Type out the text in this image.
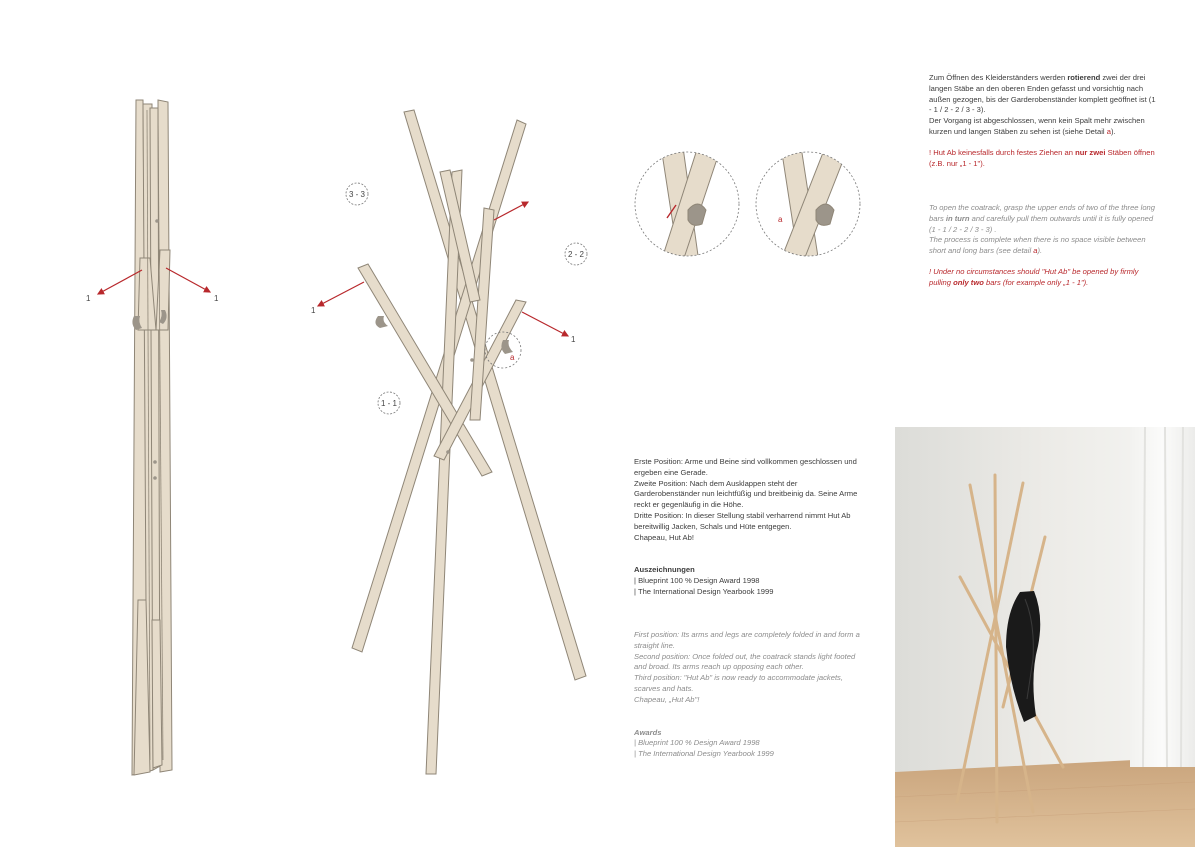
1	1
a
1
1
3 - 3
2 - 2
1 - 1
a

Zum Öffnen des Kleiderständers werden rotierend zwei der drei langen Stäbe an den oberen Enden gefasst und vorsichtig nach außen gezogen, bis der Garderobenständer komplett geöffnet ist (1 - 1 / 2 - 2 / 3 - 3).

Der Vorgang ist abgeschlossen, wenn kein Spalt mehr zwischen kurzen und langen Stäben zu sehen ist (siehe Detail a).

! Hut Ab keinesfalls durch festes Ziehen an nur zwei Stäben öffnen (z.B. nur „1 - 1").

To open the coatrack, grasp the upper ends of two of the three long bars in turn and carefully pull them outwards until it is fully opened (1 - 1 / 2 - 2 / 3 - 3) .

The process is complete when there is no space visible between short and long bars (see detail a).

! Under no circumstances should "Hut Ab" be opened by firmly pulling only two bars (for example only „1 - 1").

Erste Position: Arme und Beine sind vollkommen geschlossen und ergeben eine Gerade.

Zweite Position: Nach dem Ausklappen steht der Garderobenständer nun leichtfüßig und breitbeinig da. Seine Arme reckt er gegenläufig in die Höhe.

Dritte Position: In dieser Stellung stabil verharrend nimmt Hut Ab bereitwillig Jacken, Schals und Hüte entgegen.

Chapeau, Hut Ab!

Auszeichnungen

| Blueprint 100 % Design Award 1998

| The International Design Yearbook 1999

First position: Its arms and legs are completely folded in and form a straight line.

Second position: Once folded out, the coatrack stands light footed and broad. Its arms reach up opposing each other.

Third position: "Hut Ab" is now ready to accommodate jackets, scarves and hats.

Chapeau, „Hut Ab"!

Awards

| Blueprint 100 % Design Award 1998

| The International Design Yearbook 1999
